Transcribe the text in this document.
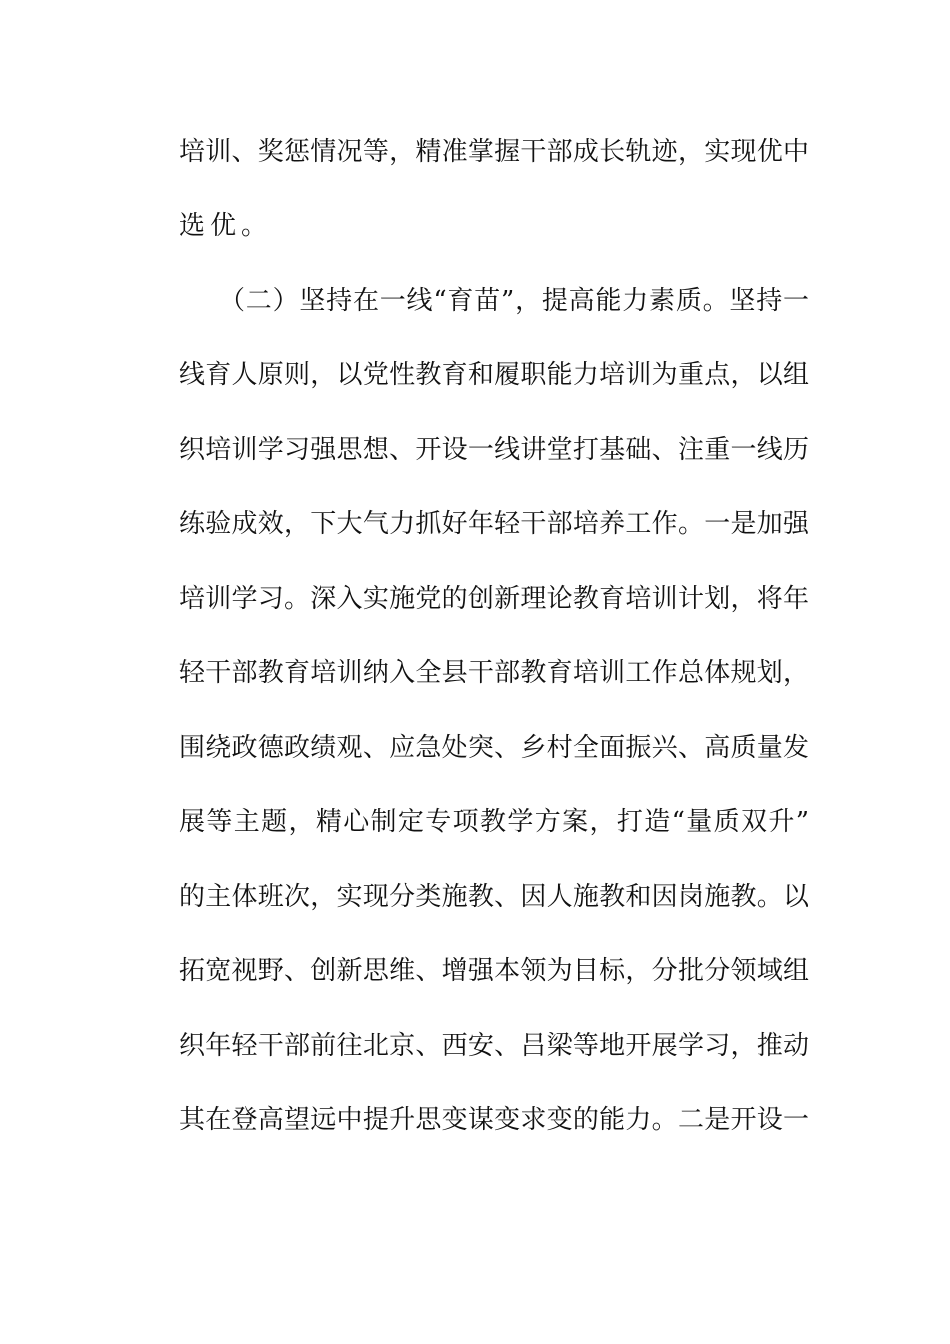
培训、奖惩情况等，精准掌握干部成长轨迹，实现优中
选优。
（二）坚持在一线“育苗”，提高能力素质。坚持一
线育人原则，以党性教育和履职能力培训为重点，以组
织培训学习强思想、开设一线讲堂打基础、注重一线历
练验成效，下大气力抓好年轻干部培养工作。一是加强
培训学习。深入实施党的创新理论教育培训计划，将年
轻干部教育培训纳入全县干部教育培训工作总体规划，
围绕政德政绩观、应急处突、乡村全面振兴、高质量发
展等主题，精心制定专项教学方案，打造“量质双升”
的主体班次，实现分类施教、因人施教和因岗施教。以
拓宽视野、创新思维、增强本领为目标，分批分领域组
织年轻干部前往北京、西安、吕梁等地开展学习，推动
其在登高望远中提升思变谋变求变的能力。二是开设一
